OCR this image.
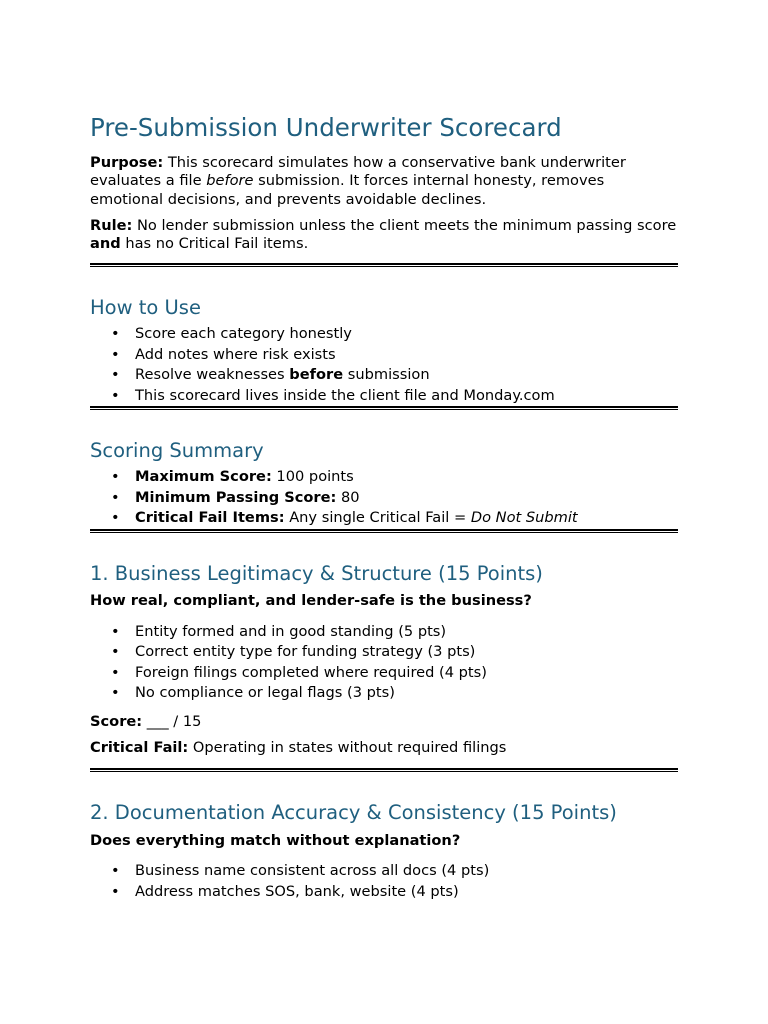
Pre-Submission Underwriter Scorecard

Purpose: This scorecard simulates how a conservative bank underwriter evaluates a file before submission. It forces internal honesty, removes emotional decisions, and prevents avoidable declines.

Rule: No lender submission unless the client meets the minimum passing score and has no Critical Fail items.

How to Use
• Score each category honestly
• Add notes where risk exists
• Resolve weaknesses before submission
• This scorecard lives inside the client file and Monday.com
Scoring Summary
• Maximum Score: 100 points
• Minimum Passing Score: 80
• Critical Fail Items: Any single Critical Fail = Do Not Submit
1. Business Legitimacy & Structure (15 Points)

How real, compliant, and lender-safe is the business?

• Entity formed and in good standing (5 pts)
• Correct entity type for funding strategy (3 pts)
• Foreign filings completed where required (4 pts)
• No compliance or legal flags (3 pts)

Score: ___ / 15

Critical Fail: Operating in states without required filings

2. Documentation Accuracy & Consistency (15 Points)

Does everything match without explanation?

• Business name consistent across all docs (4 pts)
• Address matches SOS, bank, website (4 pts)
